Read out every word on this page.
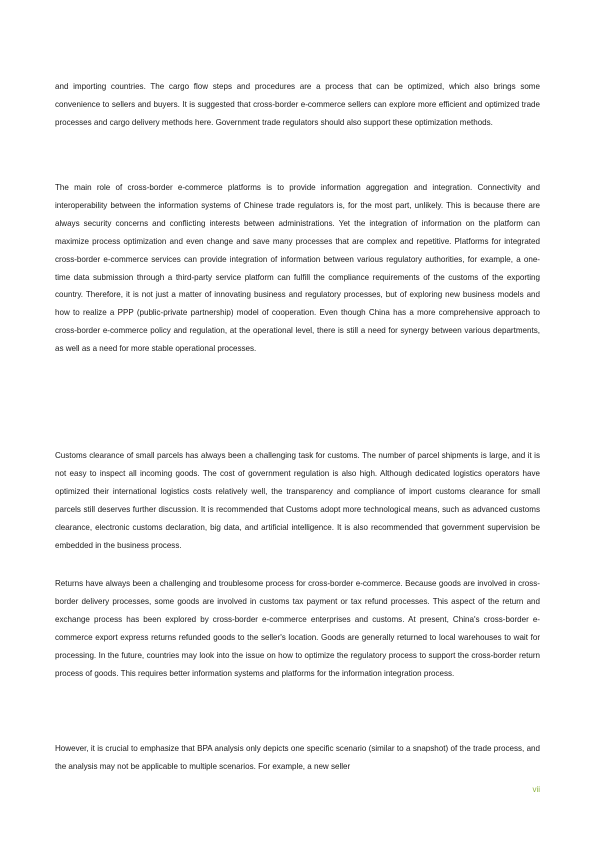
and importing countries. The cargo flow steps and procedures are a process that can be optimized, which also brings some convenience to sellers and buyers. It is suggested that cross-border e-commerce sellers can explore more efficient and optimized trade processes and cargo delivery methods here. Government trade regulators should also support these optimization methods.

The main role of cross-border e-commerce platforms is to provide information aggregation and integration. Connectivity and interoperability between the information systems of Chinese trade regulators is, for the most part, unlikely. This is because there are always security concerns and conflicting interests between administrations. Yet the integration of information on the platform can maximize process optimization and even change and save many processes that are complex and repetitive. Platforms for integrated cross-border e-commerce services can provide integration of information between various regulatory authorities, for example, a one-time data submission through a third-party service platform can fulfill the compliance requirements of the customs of the exporting country. Therefore, it is not just a matter of innovating business and regulatory processes, but of exploring new business models and how to realize a PPP (public-private partnership) model of cooperation. Even though China has a more comprehensive approach to cross-border e-commerce policy and regulation, at the operational level, there is still a need for synergy between various departments, as well as a need for more stable operational processes.

Customs clearance of small parcels has always been a challenging task for customs. The number of parcel shipments is large, and it is not easy to inspect all incoming goods. The cost of government regulation is also high. Although dedicated logistics operators have optimized their international logistics costs relatively well, the transparency and compliance of import customs clearance for small parcels still deserves further discussion. It is recommended that Customs adopt more technological means, such as advanced customs clearance, electronic customs declaration, big data, and artificial intelligence. It is also recommended that government supervision be embedded in the business process.

Returns have always been a challenging and troublesome process for cross-border e-commerce. Because goods are involved in cross-border delivery processes, some goods are involved in customs tax payment or tax refund processes. This aspect of the return and exchange process has been explored by cross-border e-commerce enterprises and customs. At present, China's cross-border e-commerce export express returns refunded goods to the seller's location. Goods are generally returned to local warehouses to wait for processing. In the future, countries may look into the issue on how to optimize the regulatory process to support the cross-border return process of goods. This requires better information systems and platforms for the information integration process.

However, it is crucial to emphasize that BPA analysis only depicts one specific scenario (similar to a snapshot) of the trade process, and the analysis may not be applicable to multiple scenarios. For example, a new seller

vii
